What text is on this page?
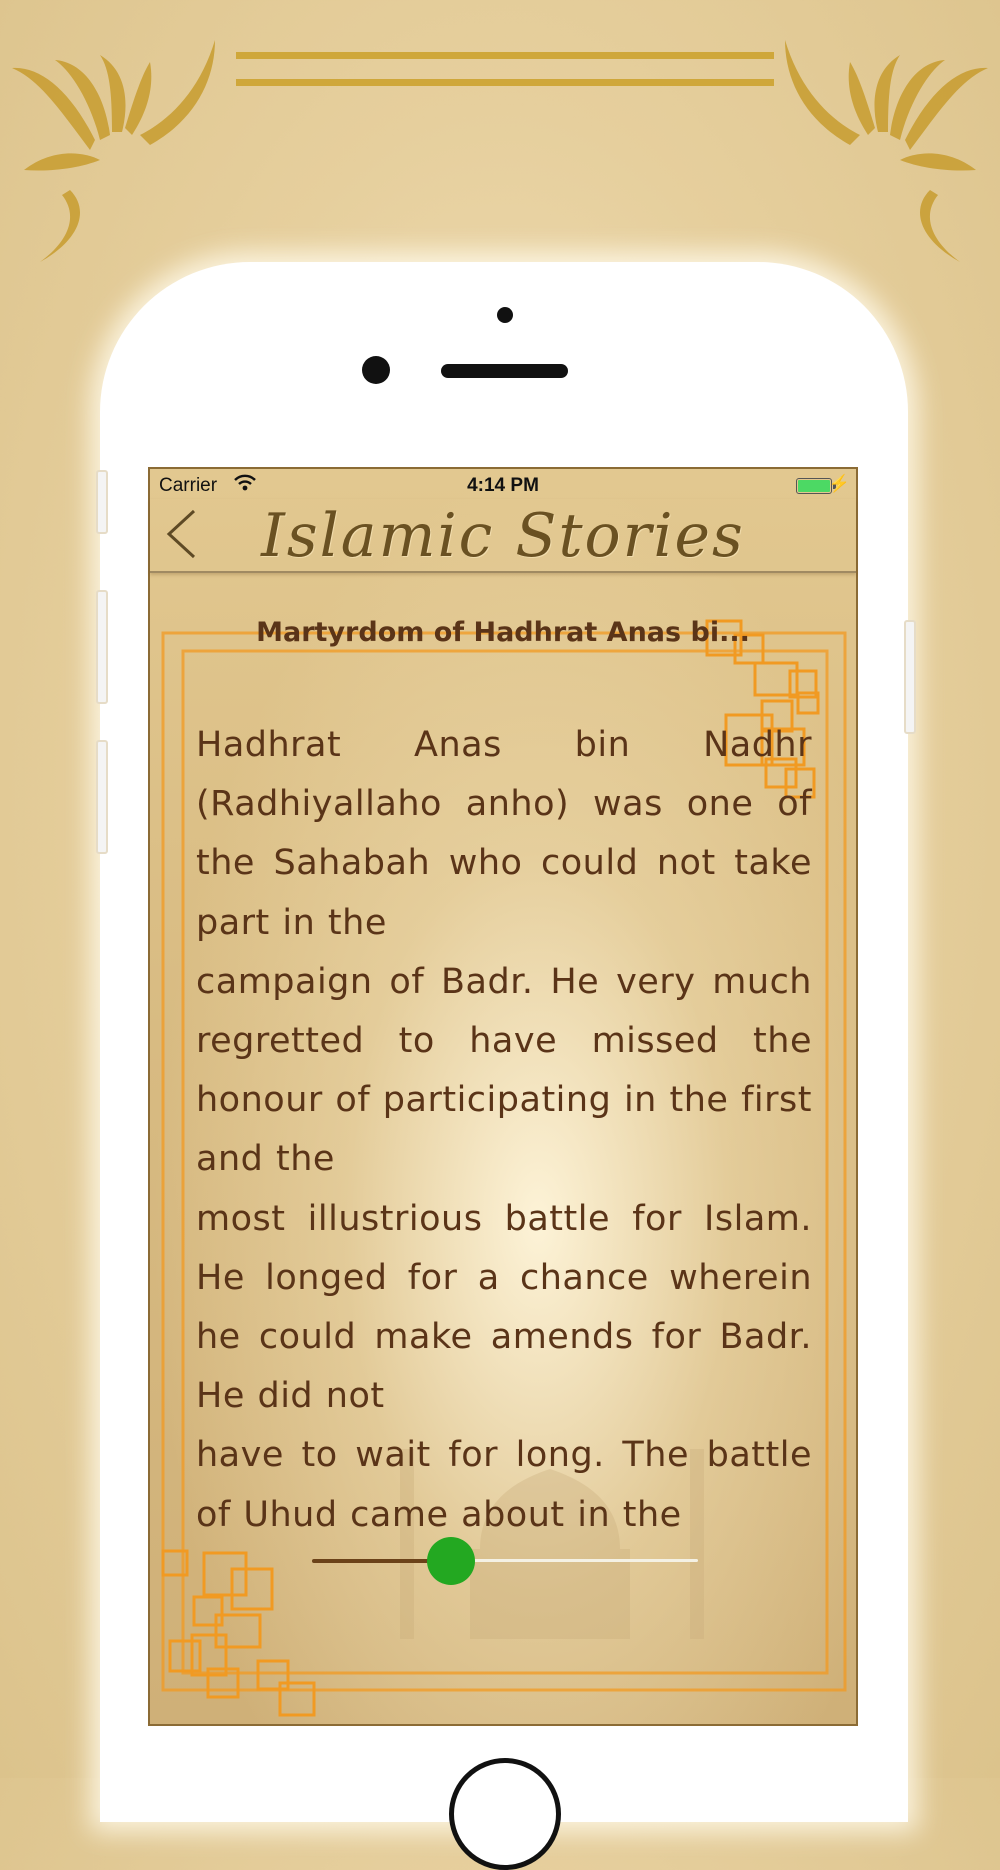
Carrier	4:14 PM	⚡
Islamic Stories
Martyrdom of Hadhrat Anas bi...

Hadhrat Anas bin Nadhr (Radhiyallaho anho) was one of the Sahabah who could not take part in the

campaign of Badr. He very much regretted to have missed the honour of participating in the first and the

most illustrious battle for Islam. He longed for a chance wherein he could make amends for Badr. He did not

have to wait for long. The battle of Uhud came about in the
